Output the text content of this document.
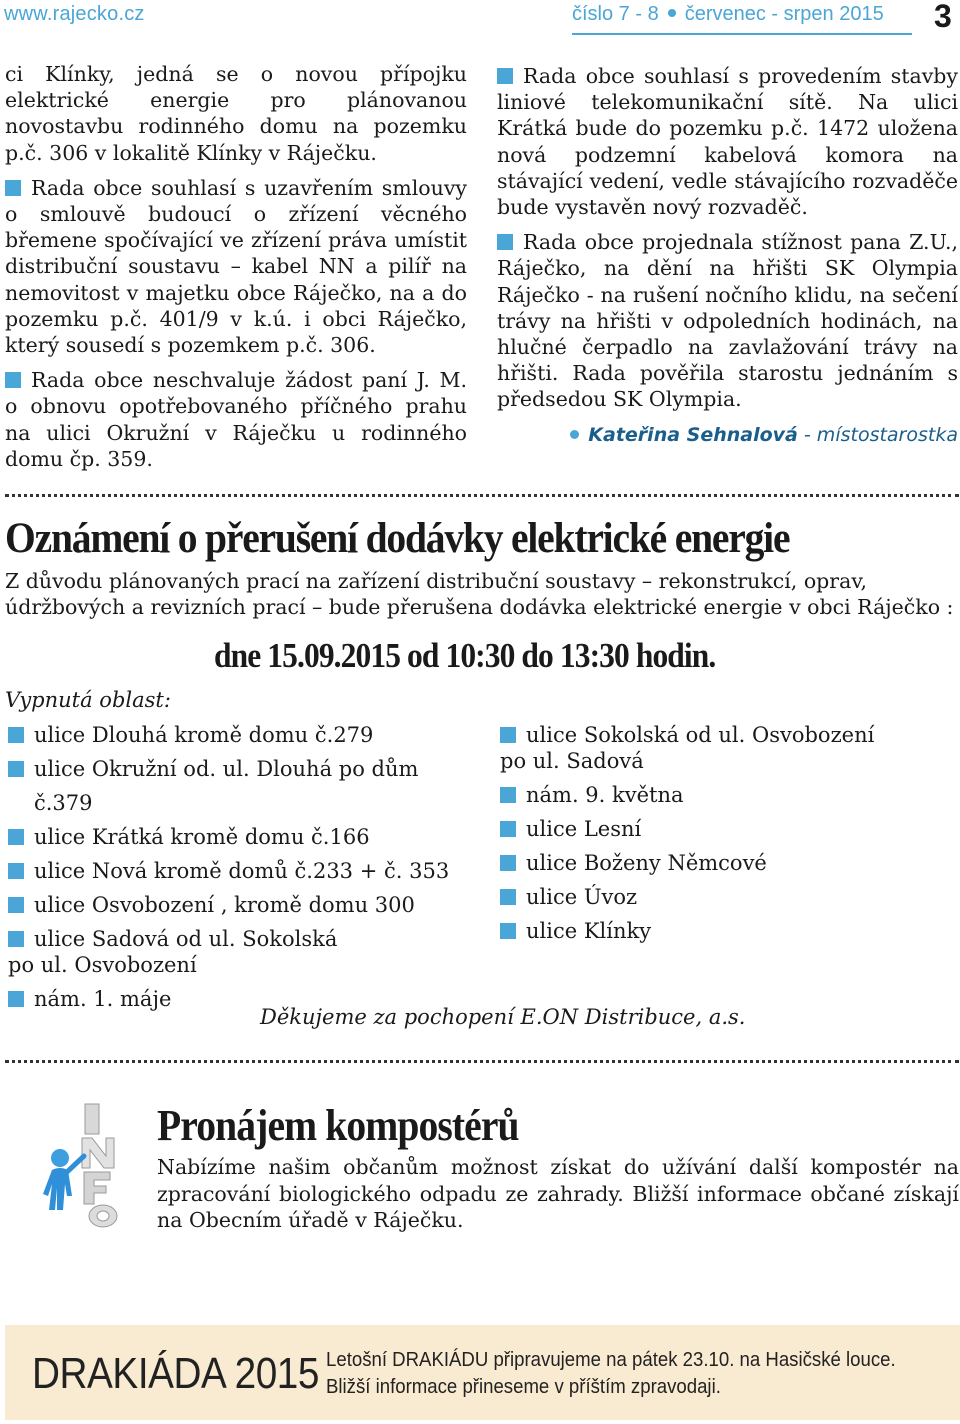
www.rajecko.cz	číslo 7 - 8 červenec - srpen 2015 3

ci Klínky, jedná se o novou přípojku elektrické energie pro plánovanou novostavbu rodinného domu na pozemku p.č. 306 v lokalitě Klínky v Ráječku.

Rada obce souhlasí s uzavřením smlouvy o smlouvě budoucí o zřízení věcného břemene spočívající ve zřízení práva umístit distribuční soustavu – kabel NN a pilíř na nemovitost v majetku obce Ráječko, na a do pozemku p.č. 401/9 v k.ú. i obci Ráječko, který sousedí s pozemkem p.č. 306.

Rada obce neschvaluje žádost paní J. M. o obnovu opotřebovaného příčného prahu na ulici Okružní v Ráječku u rodinného domu čp. 359.

Rada obce souhlasí s provedením stavby liniové telekomunikační sítě. Na ulici Krátká bude do pozemku p.č. 1472 uložena nová podzemní kabelová komora na stávající vedení, vedle stávajícího rozvaděče bude vystavěn nový rozvaděč.

Rada obce projednala stížnost pana Z.U., Ráječko, na dění na hřišti SK Olympia Ráječko - na rušení nočního klidu, na sečení trávy na hřišti v odpoledních hodinách, na hlučné čerpadlo na zavlažování trávy na hřišti. Rada pověřila starostu jednáním s předsedou SK Olympia.

Kateřina Sehnalová - místostarostka

Oznámení o přerušení dodávky elektrické energie

Z důvodu plánovaných prací na zařízení distribuční soustavy – rekonstrukcí, oprav, údržbových a revizních prací – bude přerušena dodávka elektrické energie v obci Ráječko :

dne 15.09.2015 od 10:30 do 13:30 hodin.
Vypnutá oblast:
ulice Dlouhá kromě domu č.279
ulice Okružní od. ul. Dlouhá po dům č.379
ulice Krátká kromě domu č.166
ulice Nová kromě domů č.233 + č. 353
ulice Osvobození , kromě domu 300
ulice Sadová od ul. Sokolská
po ul. Osvobození
nám. 1. máje
ulice Sokolská od ul. Osvobození
po ul. Sadová
nám. 9. května
ulice Lesní
ulice Boženy Němcové
ulice Úvoz
ulice Klínky
Děkujeme za pochopení E.ON Distribuce, a.s.
Pronájem kompostérů

Nabízíme našim občanům možnost získat do užívání další kompostér na zpracování biologického odpadu ze zahrady. Bližší informace občané získají na Obecním úřadě v Ráječku.

DRAKIÁDA 2015 Letošní DRAKIÁDU připravujeme na pátek 23.10. na Hasičské louce.
Bližší informace přineseme v příštím zpravodaji.
